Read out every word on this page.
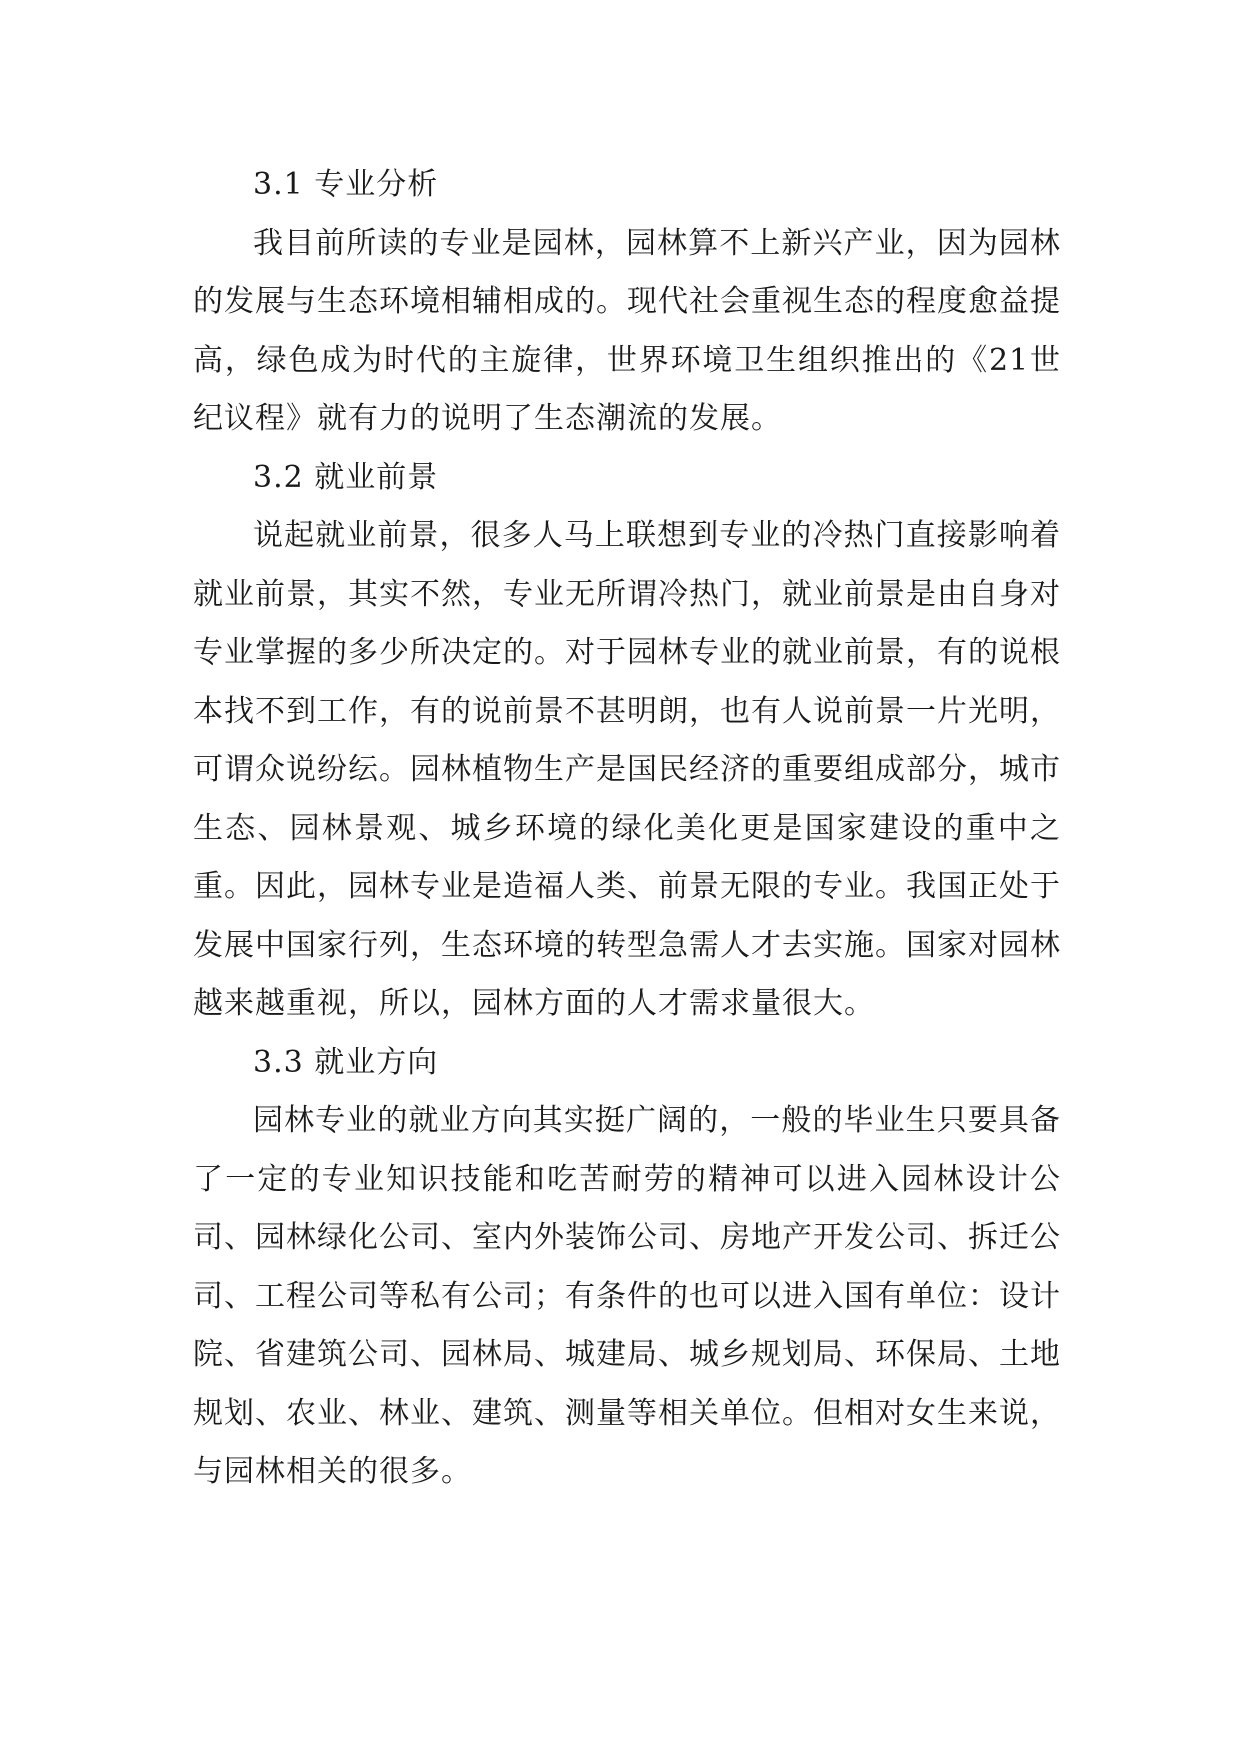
3.1 专业分析

我目前所读的专业是园林，园林算不上新兴产业，因为园林的发展与生态环境相辅相成的。现代社会重视生态的程度愈益提高，绿色成为时代的主旋律，世界环境卫生组织推出的《21世纪议程》就有力的说明了生态潮流的发展。

3.2 就业前景

说起就业前景，很多人马上联想到专业的冷热门直接影响着就业前景，其实不然，专业无所谓冷热门，就业前景是由自身对专业掌握的多少所决定的。对于园林专业的就业前景，有的说根本找不到工作，有的说前景不甚明朗，也有人说前景一片光明，可谓众说纷纭。园林植物生产是国民经济的重要组成部分，城市生态、园林景观、城乡环境的绿化美化更是国家建设的重中之重。因此，园林专业是造福人类、前景无限的专业。我国正处于发展中国家行列，生态环境的转型急需人才去实施。国家对园林越来越重视，所以，园林方面的人才需求量很大。

3.3 就业方向

园林专业的就业方向其实挺广阔的，一般的毕业生只要具备了一定的专业知识技能和吃苦耐劳的精神可以进入园林设计公司、园林绿化公司、室内外装饰公司、房地产开发公司、拆迁公司、工程公司等私有公司；有条件的也可以进入国有单位：设计院、省建筑公司、园林局、城建局、城乡规划局、环保局、土地规划、农业、林业、建筑、测量等相关单位。但相对女生来说，与园林相关的很多。
